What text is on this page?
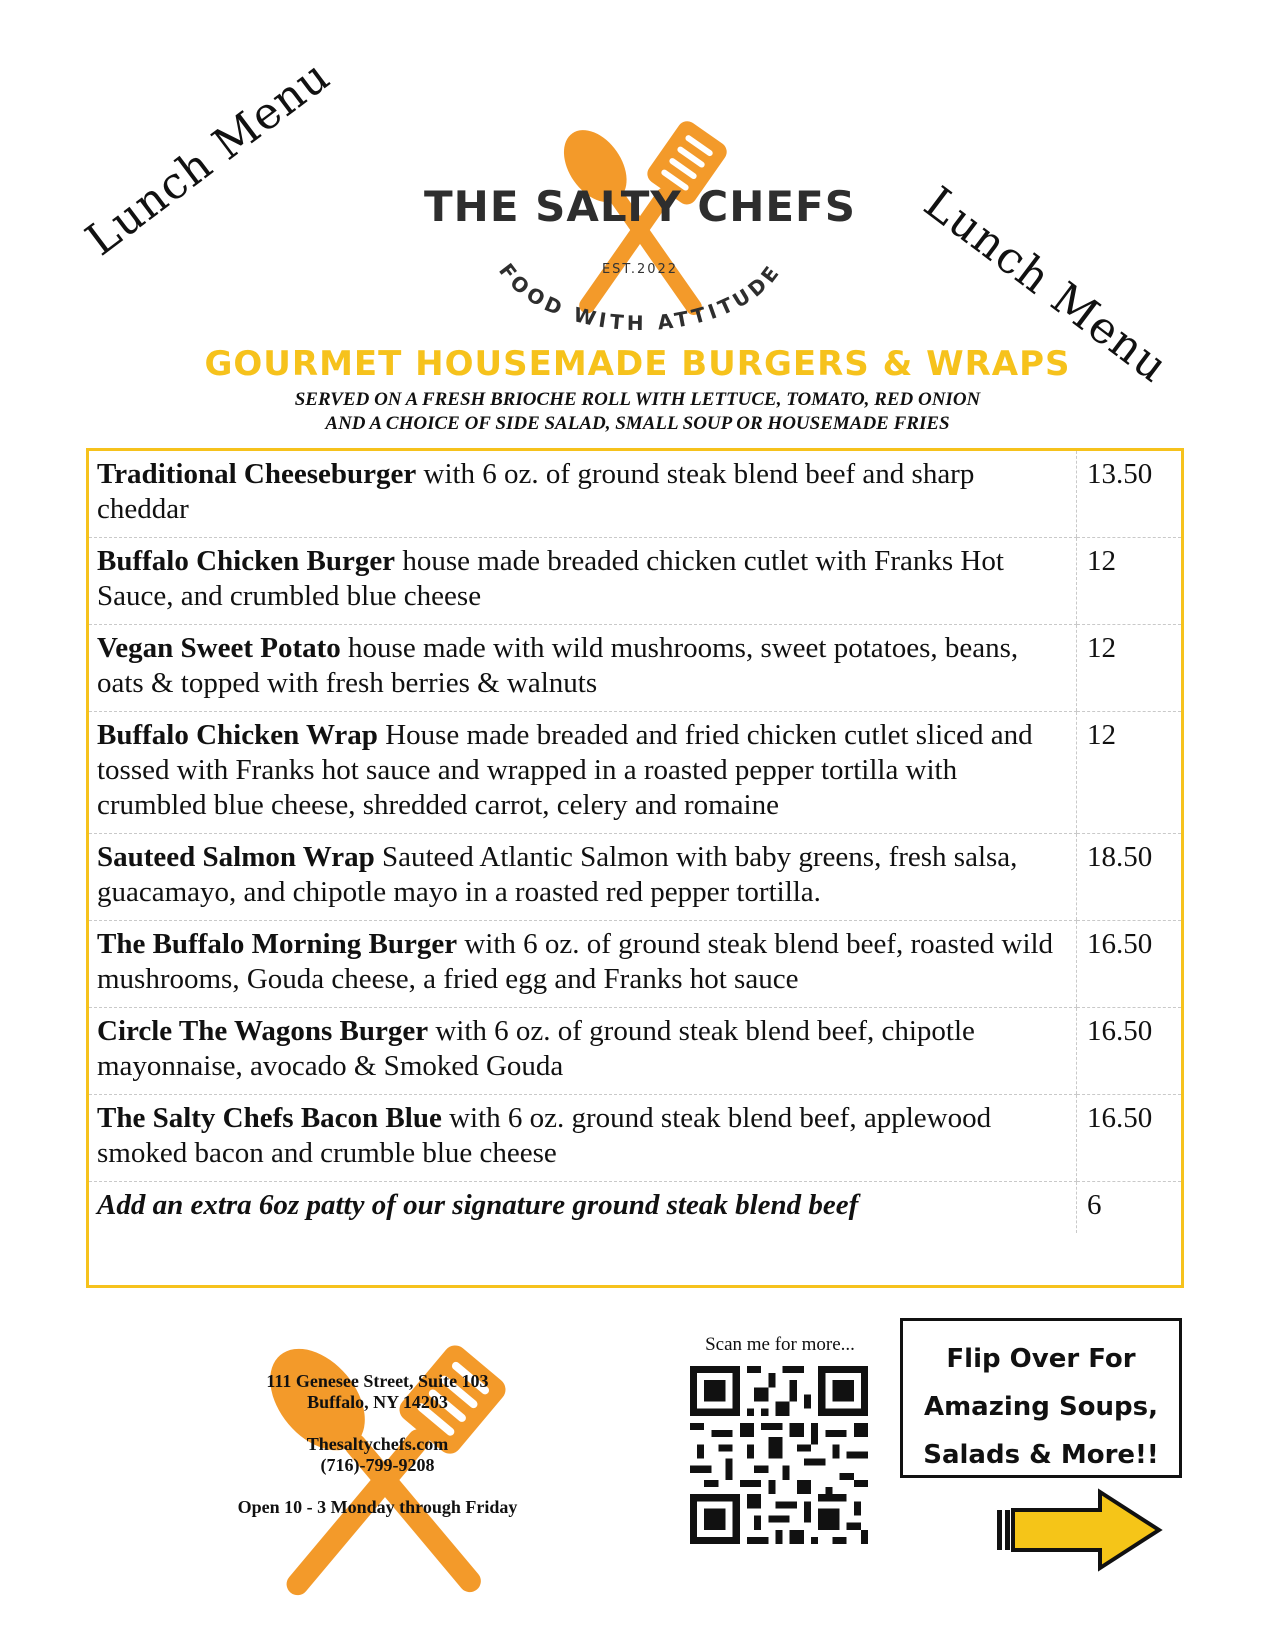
Lunch Menu
Lunch Menu
FOOD WITH ATTITUDE
THE SALTY CHEFS
EST.2022
GOURMET HOUSEMADE BURGERS & WRAPS
SERVED ON A FRESH BRIOCHE ROLL WITH LETTUCE, TOMATO, RED ONION
AND A CHOICE OF SIDE SALAD, SMALL SOUP OR HOUSEMADE FRIES
Traditional Cheeseburger with 6 oz. of ground steak blend beef and sharp cheddar	13.50
Buffalo Chicken Burger house made breaded chicken cutlet with Franks Hot Sauce, and crumbled blue cheese	12
Vegan Sweet Potato house made with wild mushrooms, sweet potatoes, beans, oats & topped with fresh berries & walnuts	12
Buffalo Chicken Wrap House made breaded and fried chicken cutlet sliced and tossed with Franks hot sauce and wrapped in a roasted pepper tortilla with crumbled blue cheese, shredded carrot, celery and romaine	12
Sauteed Salmon Wrap Sauteed Atlantic Salmon with baby greens, fresh salsa, guacamayo, and chipotle mayo in a roasted red pepper tortilla.	18.50
The Buffalo Morning Burger with 6 oz. of ground steak blend beef, roasted wild mushrooms, Gouda cheese, a fried egg and Franks hot sauce	16.50
Circle The Wagons Burger with 6 oz. of ground steak blend beef, chipotle mayonnaise, avocado & Smoked Gouda	16.50
The Salty Chefs Bacon Blue with 6 oz. ground steak blend beef, applewood smoked bacon and crumble blue cheese	16.50
Add an extra 6oz patty of our signature ground steak blend beef	6
111 Genesee Street, Suite 103
Buffalo, NY 14203
Thesaltychefs.com
(716)-799-9208
Open 10 - 3 Monday through Friday
Scan me for more...	Flip Over For
Amazing Soups,
Salads & More!!
